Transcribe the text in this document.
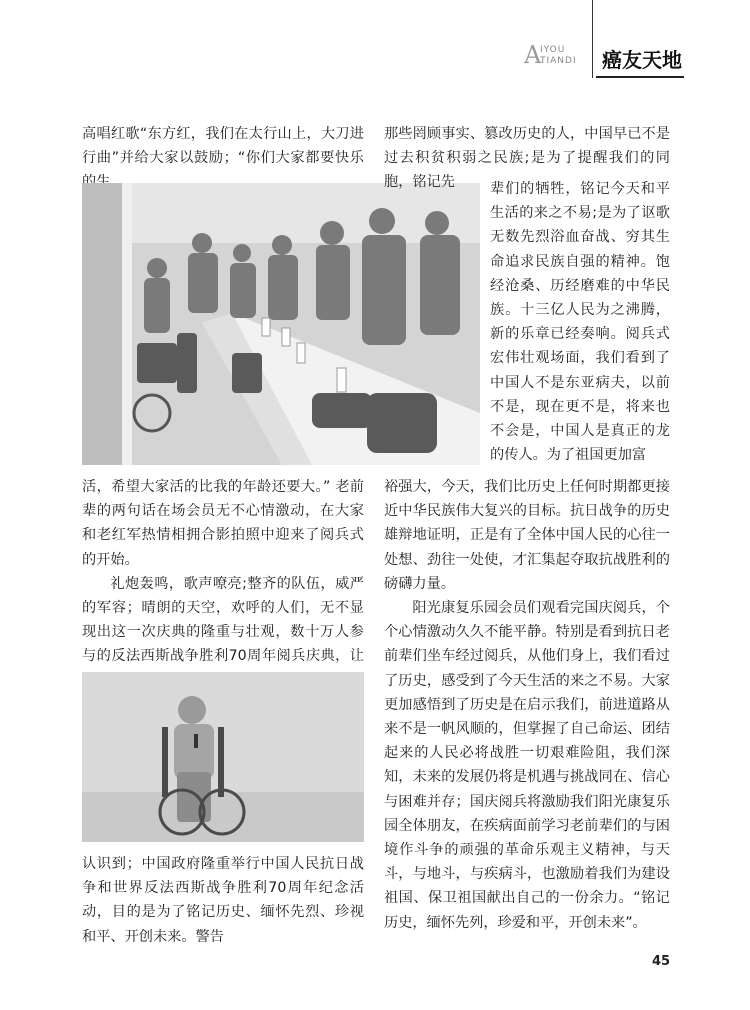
A
IYOU
TIANDI 癌友天地

高唱红歌“东方红，我们在太行山上，大刀进行曲”并给大家以鼓励；“你们大家都要快乐

活，希望大家活的比我的年龄还要大。” 老前辈的两句话在场会员无不心情激动，在大家和老红军热情相拥合影拍照中迎来了阅兵式的开始。

礼炮轰鸣，歌声嘹亮;整齐的队伍，威严的军容；晴朗的天空，欢呼的人们，无不显现出这一次庆典的隆重与壮观，数十万人参与的反法西斯战争胜利70周年阅兵庆典，让

认识到；中国政府隆重举行中国人民抗日战争和世界反法西斯战争胜利70周年纪念活动，目的是为了铭记历史、缅怀先烈、珍视和平、开创未来。警告

那些罔顾事实、篡改历史的人，中国早已不是过去积贫积弱之民族;是为了提醒我们的同胞，铭记先	辈们的牺牲，铭记今天和平生活的来之不易;是为了讴歌无数先烈浴血奋战、穷其生命追求民族自强的精神。饱经沧桑、历经磨难的中华民族。十三亿人民为之沸腾，新的乐章已经奏响。阅兵式宏伟壮观场面，我们看到了中国人不是东亚病夫，以前不是，现在更不是，将来也不会是，中国人是真正的龙的传人。为了祖国更加富

裕强大，今天，我们比历史上任何时期都更接近中华民族伟大复兴的目标。抗日战争的历史雄辩地证明，正是有了全体中国人民的心往一处想、劲往一处使，才汇集起夺取抗战胜利的磅礴力量。

阳光康复乐园会员们观看完国庆阅兵，个个心情激动久久不能平静。特别是看到抗日老前辈们坐车经过阅兵，从他们身上，我们看过了历史，感受到了今天生活的来之不易。大家更加感悟到了历史是在启示我们，前进道路从来不是一帆风顺的，但掌握了自己命运、团结起来的人民必将战胜一切艰难险阻，我们深知，未来的发展仍将是机遇与挑战同在、信心与困难并存；国庆阅兵将激励我们阳光康复乐园全体朋友，在疾病面前学习老前辈们的与困境作斗争的顽强的革命乐观主义精神，与天斗，与地斗，与疾病斗，也激励着我们为建设祖国、保卫祖国献出自己的一份余力。“铭记历史，缅怀先列，珍爱和平，开创未来”。

45
